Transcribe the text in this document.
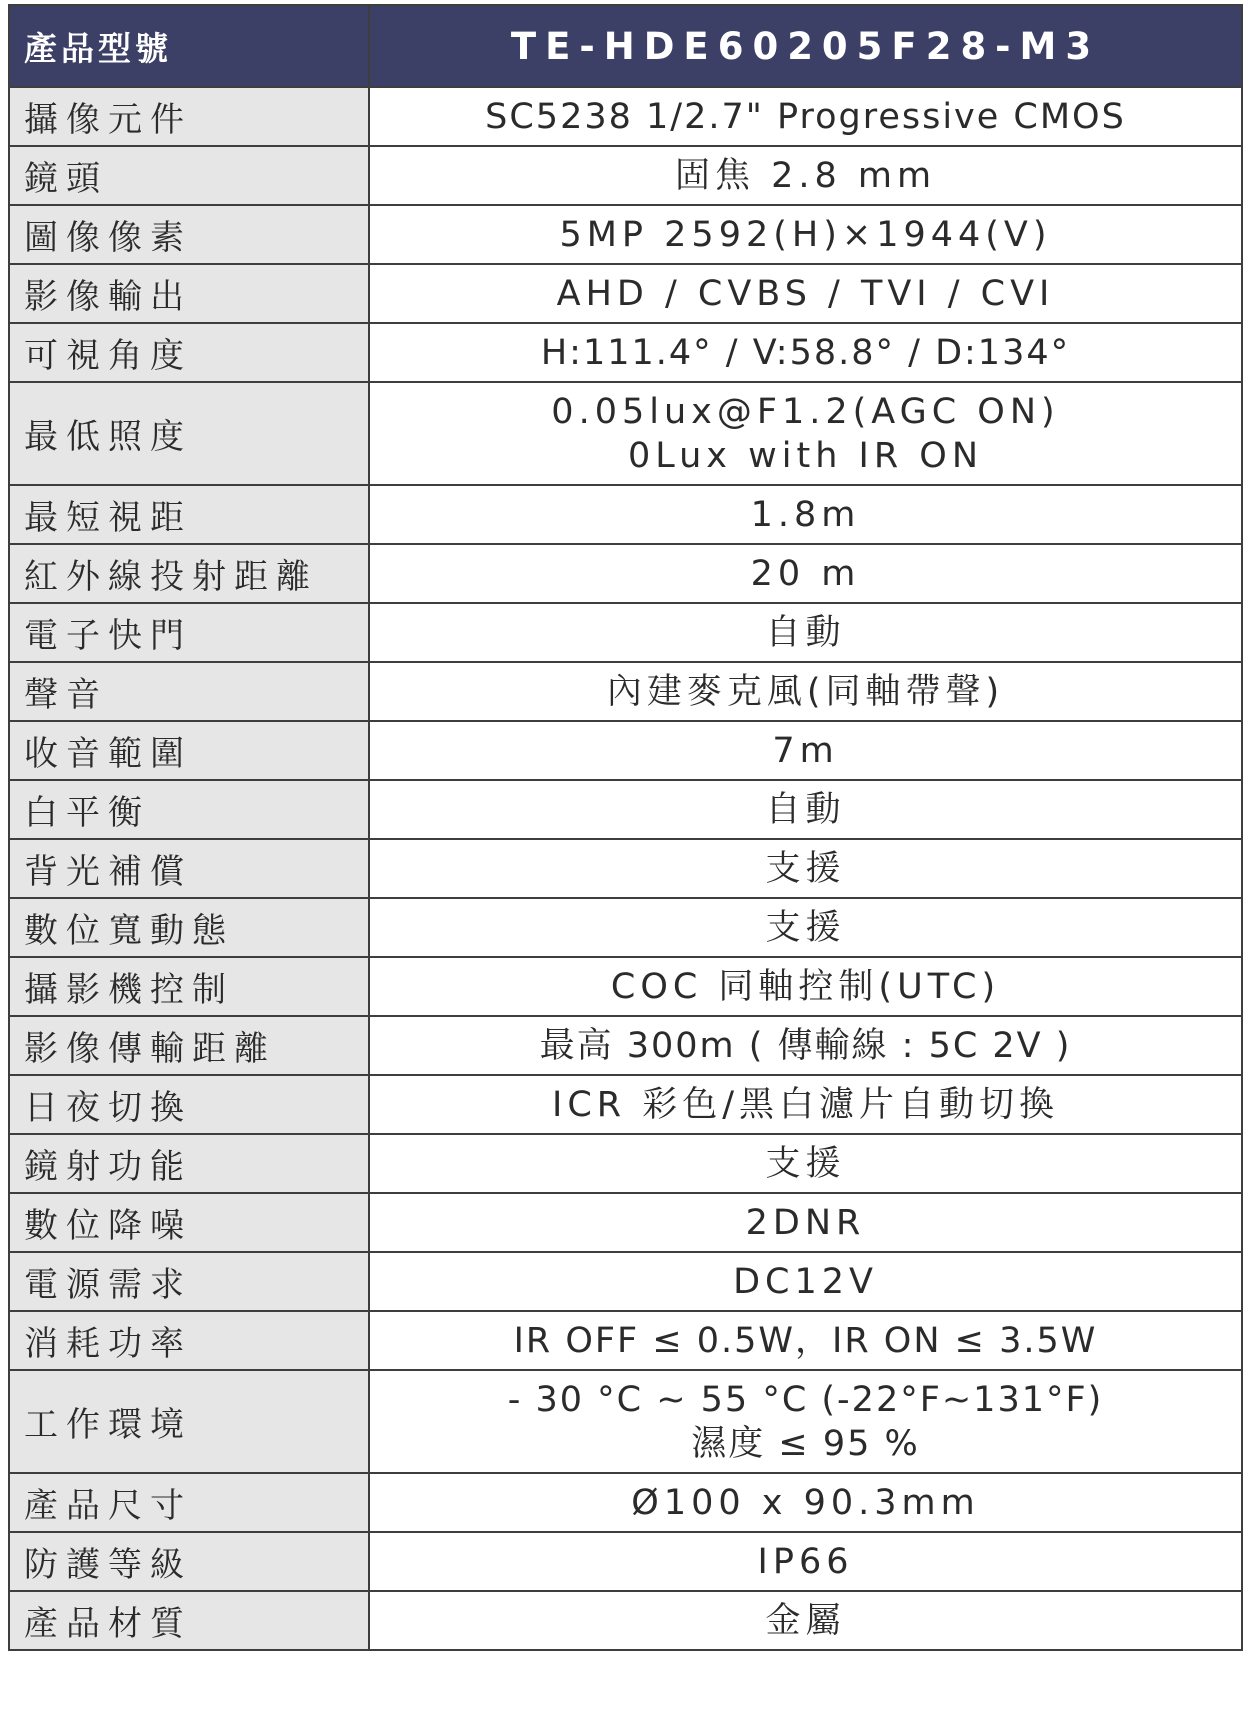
產品型號	TE-HDE60205F28-M3
攝像元件	SC5238 1/2.7" Progressive CMOS
鏡頭	固焦 2.8 mm
圖像像素	5MP 2592(H)×1944(V)
影像輸出	AHD / CVBS / TVI / CVI
可視角度	H:111.4° / V:58.8° / D:134°
最低照度	0.05lux@F1.2(AGC ON)
0Lux with IR ON

最短視距	1.8m
紅外線投射距離	20 m
電子快門	自動
聲音	內建麥克風(同軸帶聲)
收音範圍	7m
白平衡	自動
背光補償	支援
數位寬動態	支援
攝影機控制	COC 同軸控制(UTC)
影像傳輸距離	最高 300m ( 傳輸線 : 5C 2V )
日夜切換	ICR 彩色/黑白濾片自動切換
鏡射功能	支援
數位降噪	2DNR
電源需求	DC12V
消耗功率	IR OFF ≤ 0.5W，IR ON ≤ 3.5W
工作環境	- 30 °C ~ 55 °C (-22°F~131°F)
濕度 ≤ 95 %

產品尺寸	Ø100 x 90.3mm
防護等級	IP66
產品材質	金屬
